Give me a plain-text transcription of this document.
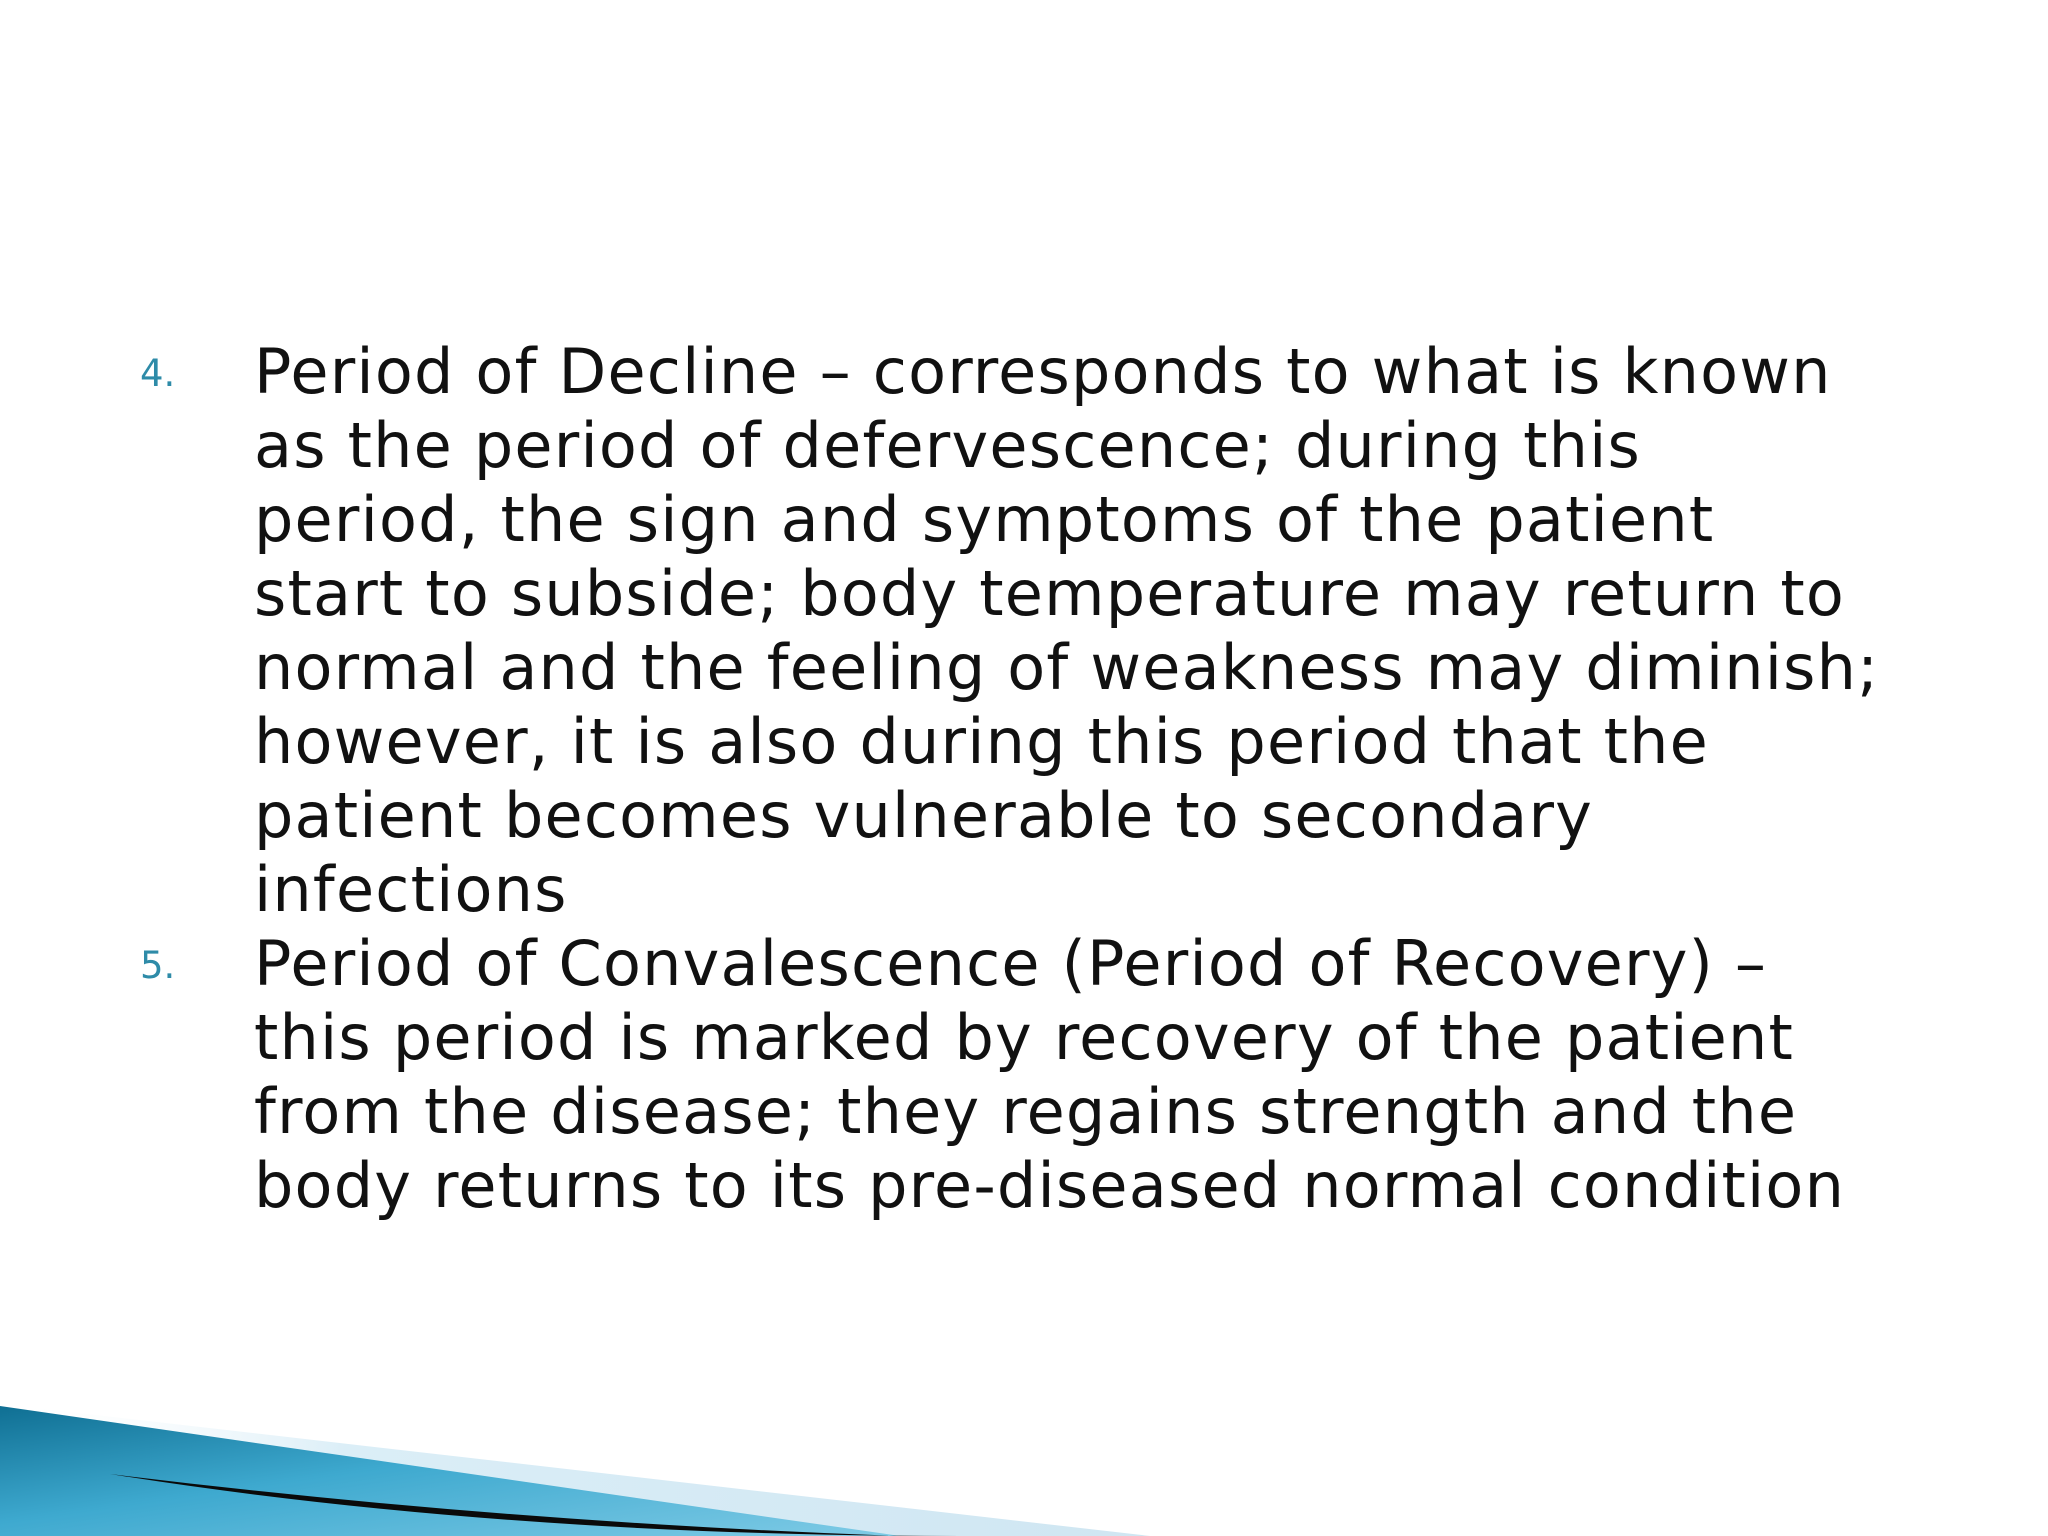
4.	Period of Decline – corresponds to what is known
as the period of defervescence; during this
period, the sign and symptoms of the patient
start to subside; body temperature may return to
normal and the feeling of weakness may diminish;
however, it is also during this period that the
patient becomes vulnerable to secondary
infections
5.	Period of Convalescence (Period of Recovery) –
this period is marked by recovery of the patient
from the disease; they regains strength and the
body returns to its pre-diseased normal condition
